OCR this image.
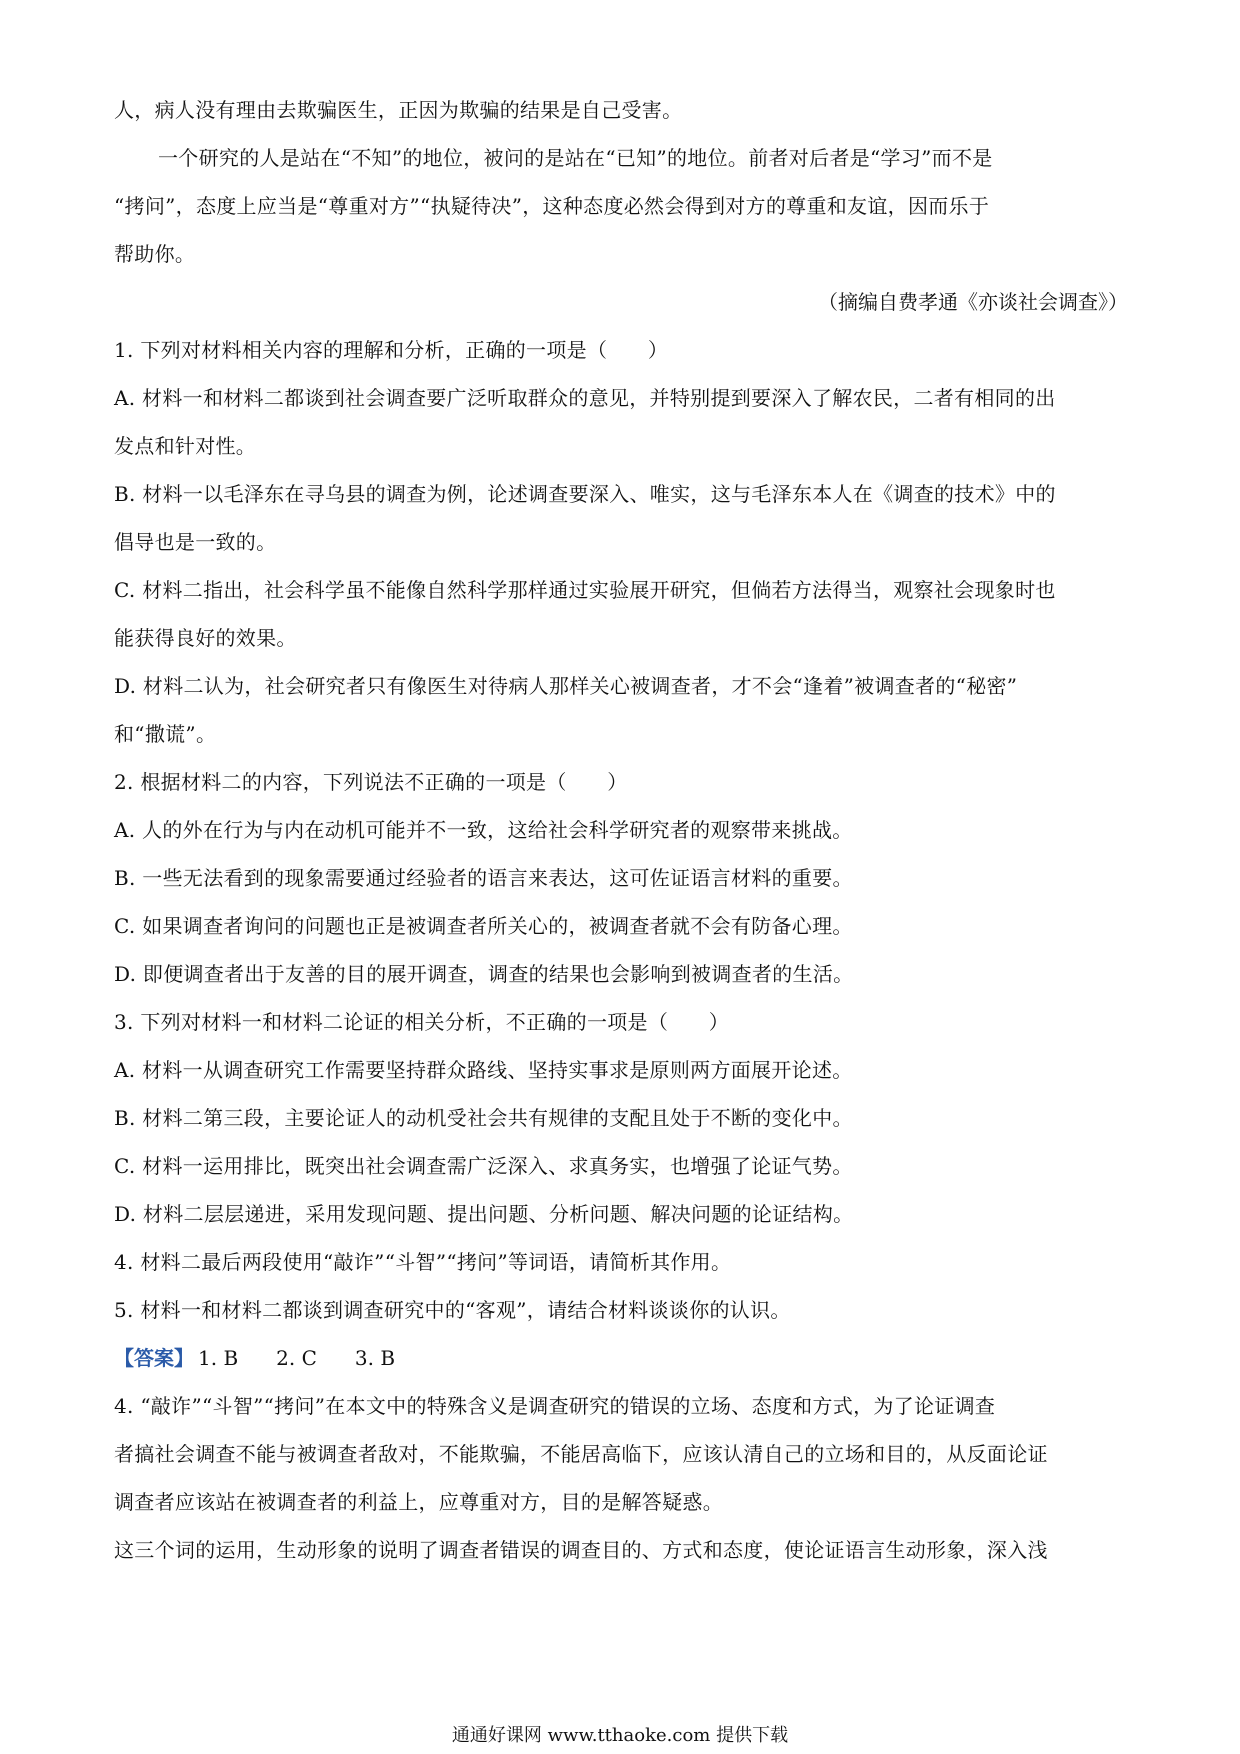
人，病人没有理由去欺骗医生，正因为欺骗的结果是自己受害。
一个研究的人是站在“不知”的地位，被问的是站在“已知”的地位。前者对后者是“学习”而不是
“拷问”，态度上应当是“尊重对方”“执疑待决”，这种态度必然会得到对方的尊重和友谊，因而乐于
帮助你。
（摘编自费孝通《亦谈社会调查》）
1. 下列对材料相关内容的理解和分析，正确的一项是（　　）
A. 材料一和材料二都谈到社会调查要广泛听取群众的意见，并特别提到要深入了解农民，二者有相同的出
发点和针对性。
B. 材料一以毛泽东在寻乌县的调查为例，论述调查要深入、唯实，这与毛泽东本人在《调查的技术》中的
倡导也是一致的。
C. 材料二指出，社会科学虽不能像自然科学那样通过实验展开研究，但倘若方法得当，观察社会现象时也
能获得良好的效果。
D. 材料二认为，社会研究者只有像医生对待病人那样关心被调查者，才不会“逢着”被调查者的“秘密”
和“撒谎”。
2. 根据材料二的内容，下列说法不正确的一项是（　　）
A. 人的外在行为与内在动机可能并不一致，这给社会科学研究者的观察带来挑战。
B. 一些无法看到的现象需要通过经验者的语言来表达，这可佐证语言材料的重要。
C. 如果调查者询问的问题也正是被调查者所关心的，被调查者就不会有防备心理。
D. 即便调查者出于友善的目的展开调查，调查的结果也会影响到被调查者的生活。
3. 下列对材料一和材料二论证的相关分析，不正确的一项是（　　）
A. 材料一从调查研究工作需要坚持群众路线、坚持实事求是原则两方面展开论述。
B. 材料二第三段，主要论证人的动机受社会共有规律的支配且处于不断的变化中。
C. 材料一运用排比，既突出社会调查需广泛深入、求真务实，也增强了论证气势。
D. 材料二层层递进，采用发现问题、提出问题、分析问题、解决问题的论证结构。
4. 材料二最后两段使用“敲诈”“斗智”“拷问”等词语，请简析其作用。
5. 材料一和材料二都谈到调查研究中的“客观”，请结合材料谈谈你的认识。
【答案】 1. B 2. C 3. B
4. “敲诈”“斗智”“拷问”在本文中的特殊含义是调查研究的错误的立场、态度和方式，为了论证调查
者搞社会调查不能与被调查者敌对，不能欺骗，不能居高临下，应该认清自己的立场和目的，从反面论证
调查者应该站在被调查者的利益上，应尊重对方，目的是解答疑惑。
这三个词的运用，生动形象的说明了调查者错误的调查目的、方式和态度，使论证语言生动形象，深入浅
通通好课网 www.tthaoke.com 提供下载
